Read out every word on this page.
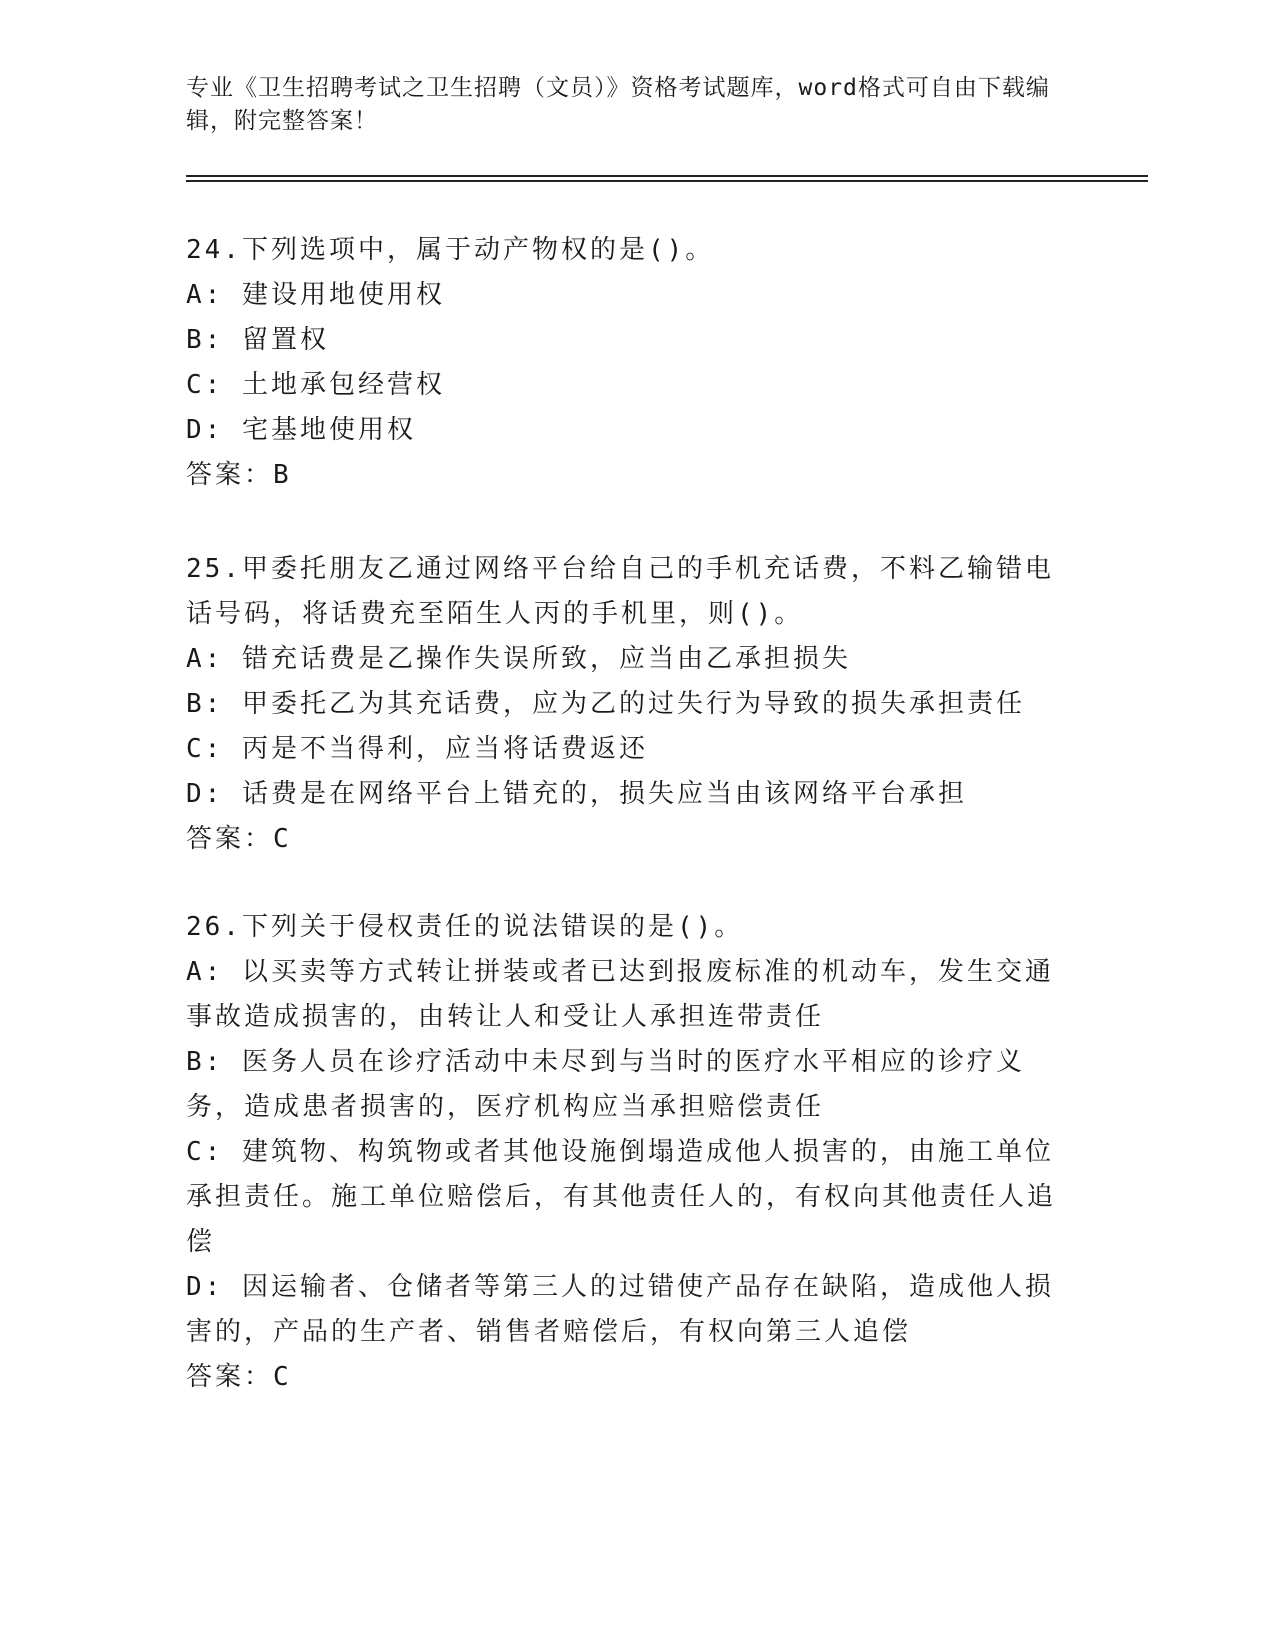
专业《卫生招聘考试之卫生招聘（文员）》资格考试题库，word格式可自由下载编辑，附完整答案！
24.下列选项中，属于动产物权的是()。
A: 建设用地使用权
B: 留置权
C: 土地承包经营权
D: 宅基地使用权
答案：B
25.甲委托朋友乙通过网络平台给自己的手机充话费，不料乙输错电话号码，将话费充至陌生人丙的手机里，则()。
A: 错充话费是乙操作失误所致，应当由乙承担损失
B: 甲委托乙为其充话费，应为乙的过失行为导致的损失承担责任
C: 丙是不当得利，应当将话费返还
D: 话费是在网络平台上错充的，损失应当由该网络平台承担
答案：C
26.下列关于侵权责任的说法错误的是()。
A: 以买卖等方式转让拼装或者已达到报废标准的机动车，发生交通事故造成损害的，由转让人和受让人承担连带责任
B: 医务人员在诊疗活动中未尽到与当时的医疗水平相应的诊疗义务，造成患者损害的，医疗机构应当承担赔偿责任
C: 建筑物、构筑物或者其他设施倒塌造成他人损害的，由施工单位承担责任。施工单位赔偿后，有其他责任人的，有权向其他责任人追偿
D: 因运输者、仓储者等第三人的过错使产品存在缺陷，造成他人损害的，产品的生产者、销售者赔偿后，有权向第三人追偿
答案：C
